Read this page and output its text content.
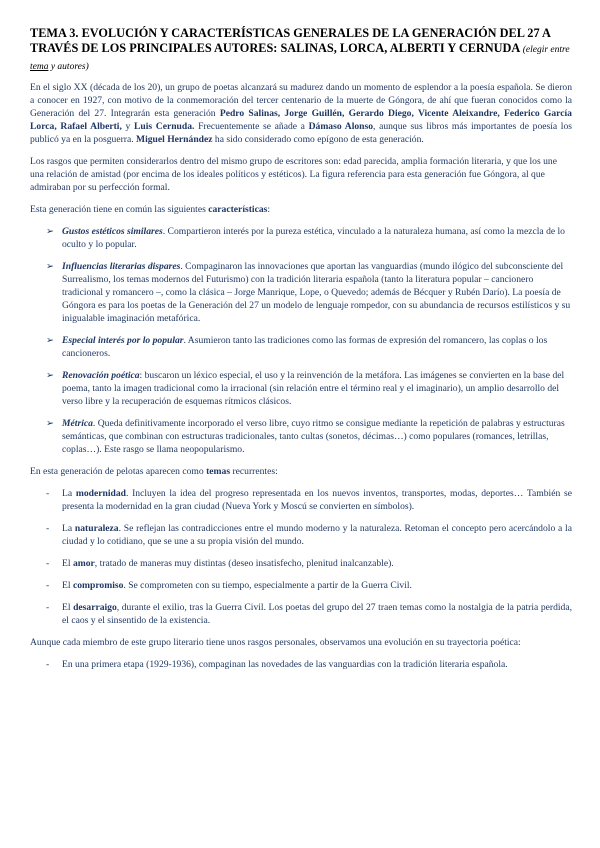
TEMA 3. EVOLUCIÓN Y CARACTERÍSTICAS GENERALES DE LA GENERACIÓN DEL 27 A TRAVÉS DE LOS PRINCIPALES AUTORES: SALINAS, LORCA, ALBERTI Y CERNUDA (elegir entre tema y autores)

En el siglo XX (década de los 20), un grupo de poetas alcanzará su madurez dando un momento de esplendor a la poesía española. Se dieron a conocer en 1927, con motivo de la conmemoración del tercer centenario de la muerte de Góngora, de ahí que fueran conocidos como la Generación del 27. Integrarán esta generación Pedro Salinas, Jorge Guillén, Gerardo Diego, Vicente Aleixandre, Federico García Lorca, Rafael Alberti, y Luis Cernuda. Frecuentemente se añade a Dámaso Alonso, aunque sus libros más importantes de poesía los publicó ya en la posguerra. Miguel Hernández ha sido considerado como epígono de esta generación.

Los rasgos que permiten considerarlos dentro del mismo grupo de escritores son: edad parecida, amplia formación literaria, y que los une una relación de amistad (por encima de los ideales políticos y estéticos). La figura referencia para esta generación fue Góngora, al que admiraban por su perfección formal.

Esta generación tiene en común las siguientes características:

➢ Gustos estéticos similares. Compartieron interés por la pureza estética, vinculado a la naturaleza humana, así como la mezcla de lo oculto y lo popular.
➢ Influencias literarias dispares. Compaginaron las innovaciones que aportan las vanguardias (mundo ilógico del subconsciente del Surrealismo, los temas modernos del Futurismo) con la tradición literaria española (tanto la literatura popular – cancionero tradicional y romancero –, como la clásica – Jorge Manrique, Lope, o Quevedo; además de Bécquer y Rubén Darío). La poesía de Góngora es para los poetas de la Generación del 27 un modelo de lenguaje rompedor, con su abundancia de recursos estilísticos y su inigualable imaginación metafórica.
➢ Especial interés por lo popular. Asumieron tanto las tradiciones como las formas de expresión del romancero, las coplas o los cancioneros.
➢ Renovación poética: buscaron un léxico especial, el uso y la reinvención de la metáfora. Las imágenes se convierten en la base del poema, tanto la imagen tradicional como la irracional (sin relación entre el término real y el imaginario), un amplio desarrollo del verso libre y la recuperación de esquemas rítmicos clásicos.
➢ Métrica. Queda definitivamente incorporado el verso libre, cuyo ritmo se consigue mediante la repetición de palabras y estructuras semánticas, que combinan con estructuras tradicionales, tanto cultas (sonetos, décimas…) como populares (romances, letrillas, coplas…). Este rasgo se llama neopopularismo.

En esta generación de pelotas aparecen como temas recurrentes:

- La modernidad. Incluyen la idea del progreso representada en los nuevos inventos, transportes, modas, deportes… También se presenta la modernidad en la gran ciudad (Nueva York y Moscú se convierten en símbolos).
- La naturaleza. Se reflejan las contradicciones entre el mundo moderno y la naturaleza. Retoman el concepto pero acercándolo a la ciudad y lo cotidiano, que se une a su propia visión del mundo.
- El amor, tratado de maneras muy distintas (deseo insatisfecho, plenitud inalcanzable).
- El compromiso. Se comprometen con su tiempo, especialmente a partir de la Guerra Civil.
- El desarraigo, durante el exilio, tras la Guerra Civil. Los poetas del grupo del 27 traen temas como la nostalgia de la patria perdida, el caos y el sinsentido de la existencia.

Aunque cada miembro de este grupo literario tiene unos rasgos personales, observamos una evolución en su trayectoria poética:

- En una primera etapa (1929-1936), compaginan las novedades de las vanguardias con la tradición literaria española.
